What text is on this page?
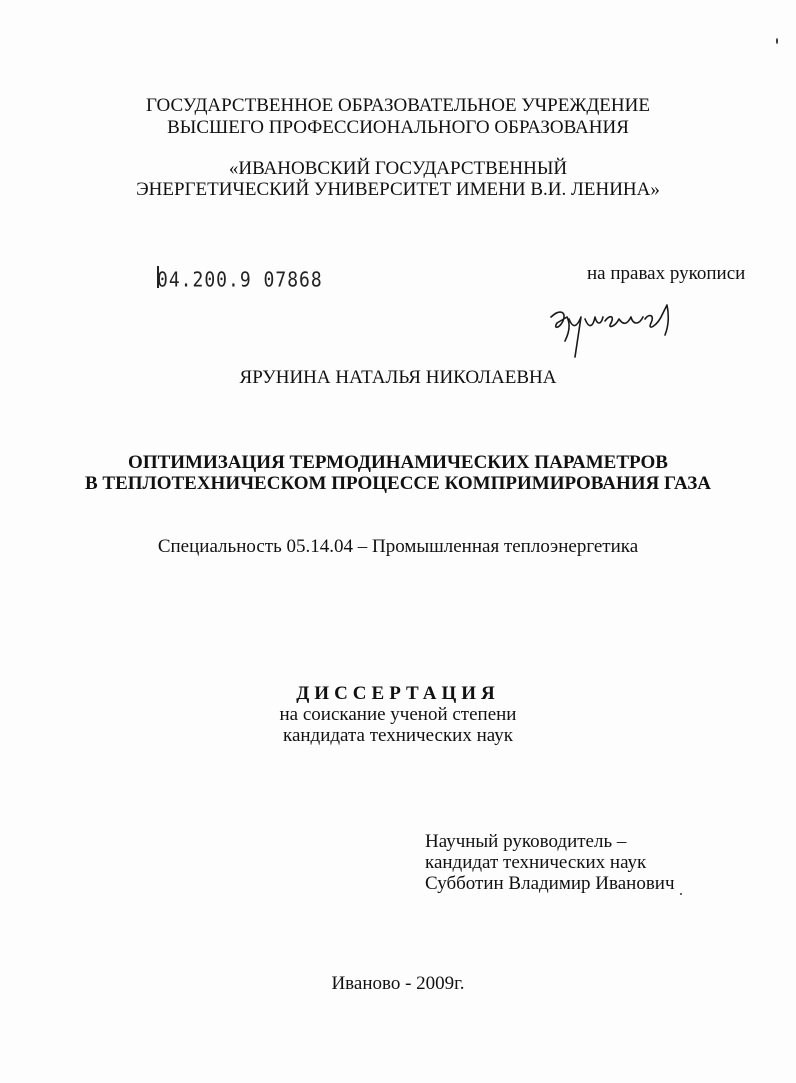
ГОСУДАРСТВЕННОЕ ОБРАЗОВАТЕЛЬНОЕ УЧРЕЖДЕНИЕ
ВЫСШЕГО ПРОФЕССИОНАЛЬНОГО ОБРАЗОВАНИЯ
«ИВАНОВСКИЙ ГОСУДАРСТВЕННЫЙ
ЭНЕРГЕТИЧЕСКИЙ УНИВЕРСИТЕТ ИМЕНИ В.И. ЛЕНИНА»
04.200.9 07868	на правах рукописи
ЯРУНИНА НАТАЛЬЯ НИКОЛАЕВНА
ОПТИМИЗАЦИЯ ТЕРМОДИНАМИЧЕСКИХ ПАРАМЕТРОВ
В ТЕПЛОТЕХНИЧЕСКОМ ПРОЦЕССЕ КОМПРИМИРОВАНИЯ ГАЗА
Специальность 05.14.04 – Промышленная теплоэнергетика
ДИССЕРТАЦИЯ
на соискание ученой степени
кандидата технических наук
Научный руководитель –
кандидат технических наук
Субботин Владимир Иванович
Иваново - 2009г.
